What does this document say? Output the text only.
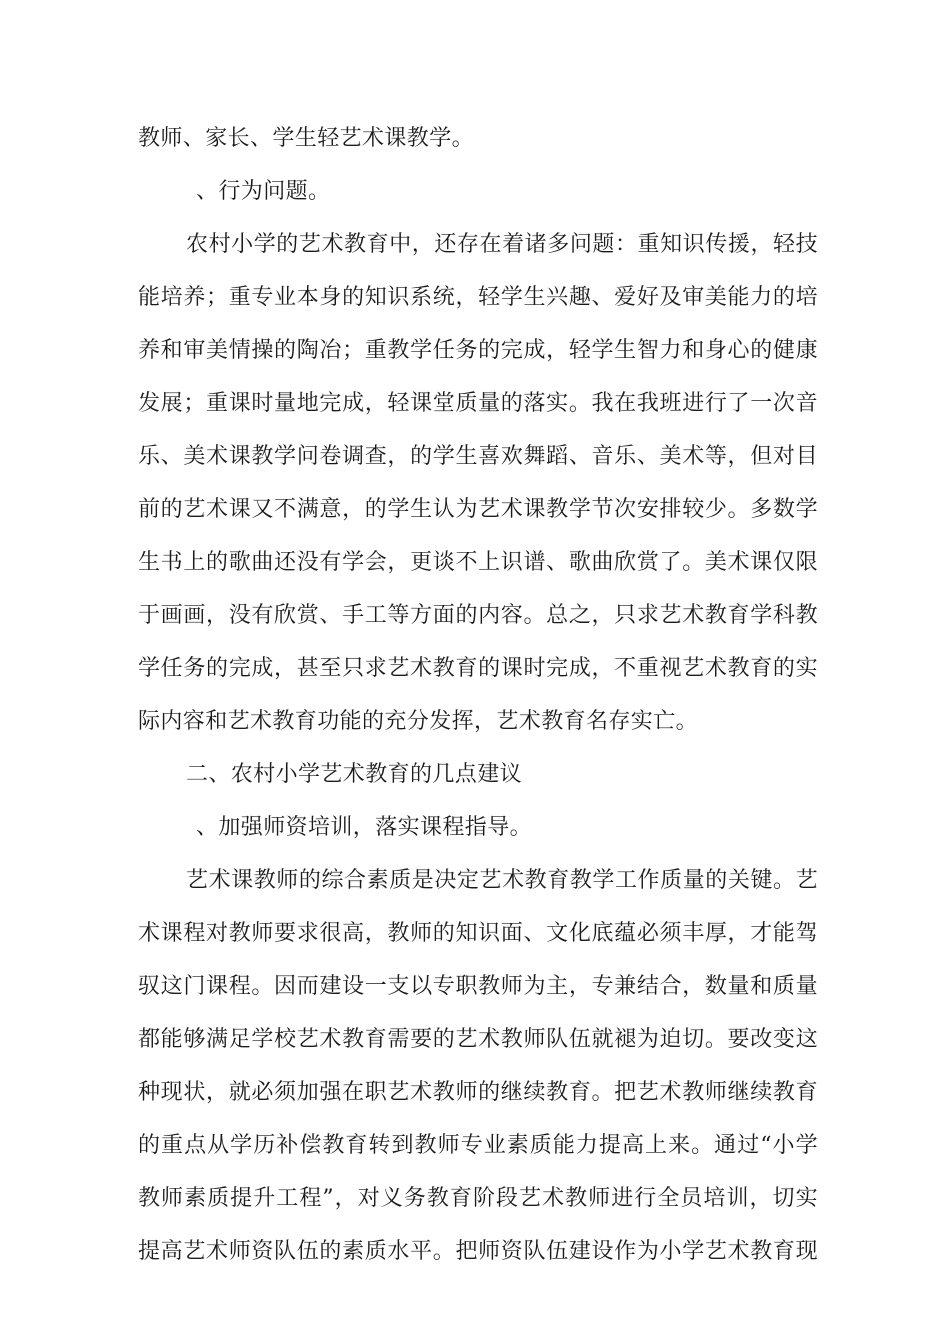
教师、家长、学生轻艺术课教学。
、行为问题。
农村小学的艺术教育中，还存在着诸多问题：重知识传援，轻技
能培养；重专业本身的知识系统，轻学生兴趣、爱好及审美能力的培
养和审美情操的陶冶；重教学任务的完成，轻学生智力和身心的健康
发展；重课时量地完成，轻课堂质量的落实。我在我班进行了一次音
乐、美术课教学问卷调查，的学生喜欢舞蹈、音乐、美术等，但对目
前的艺术课又不满意，的学生认为艺术课教学节次安排较少。多数学
生书上的歌曲还没有学会，更谈不上识谱、歌曲欣赏了。美术课仅限
于画画，没有欣赏、手工等方面的内容。总之，只求艺术教育学科教
学任务的完成，甚至只求艺术教育的课时完成，不重视艺术教育的实
际内容和艺术教育功能的充分发挥，艺术教育名存实亡。
二、农村小学艺术教育的几点建议
、加强师资培训，落实课程指导。
艺术课教师的综合素质是决定艺术教育教学工作质量的关键。艺
术课程对教师要求很高，教师的知识面、文化底蕴必须丰厚，才能驾
驭这门课程。因而建设一支以专职教师为主，专兼结合，数量和质量
都能够满足学校艺术教育需要的艺术教师队伍就褪为迫切。要改变这
种现状，就必须加强在职艺术教师的继续教育。把艺术教师继续教育
的重点从学历补偿教育转到教师专业素质能力提高上来。通过“小学
教师素质提升工程”，对义务教育阶段艺术教师进行全员培训，切实
提高艺术师资队伍的素质水平。把师资队伍建设作为小学艺术教育现
